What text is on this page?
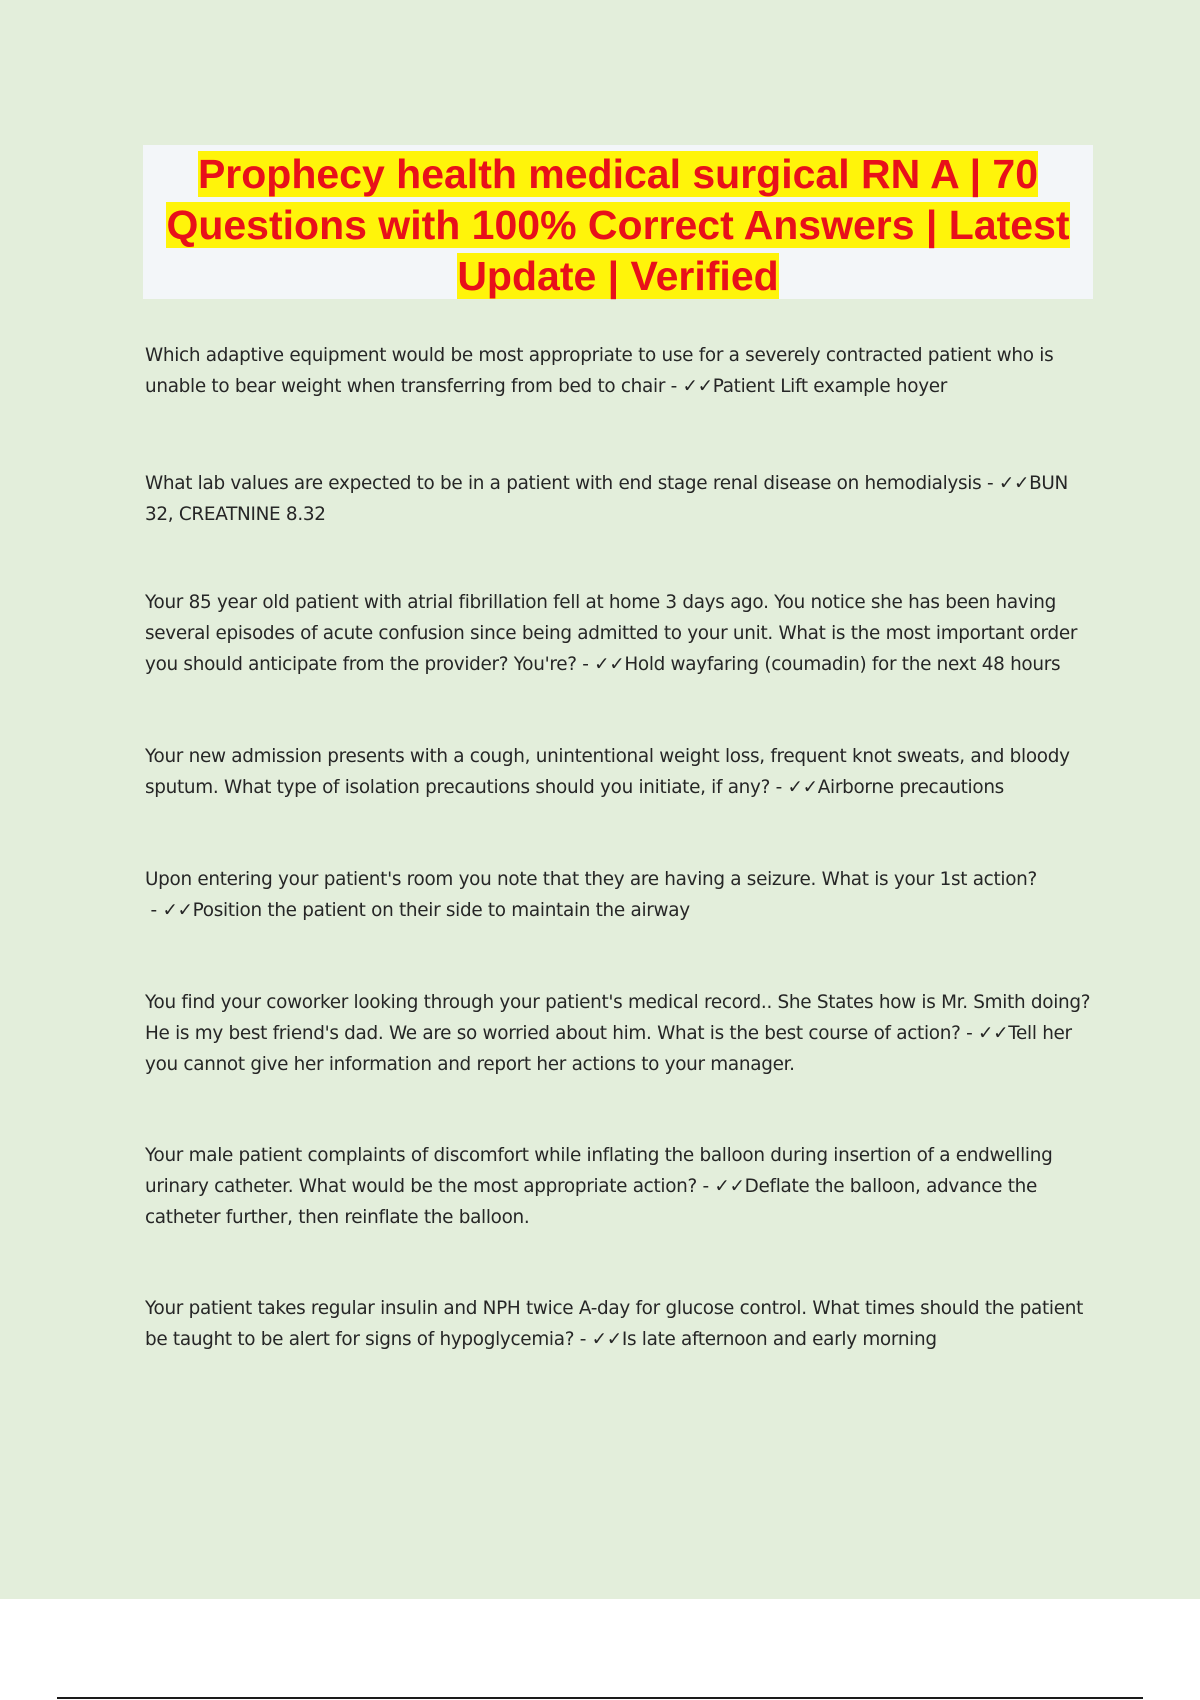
Prophecy health medical surgical RN A | 70 Questions with 100% Correct Answers | Latest Update | Verified

Which adaptive equipment would be most appropriate to use for a severely contracted patient who is unable to bear weight when transferring from bed to chair - ✓✓Patient Lift example hoyer

What lab values are expected to be in a patient with end stage renal disease on hemodialysis - ✓✓BUN 32, CREATNINE 8.32

Your 85 year old patient with atrial fibrillation fell at home 3 days ago. You notice she has been having several episodes of acute confusion since being admitted to your unit. What is the most important order you should anticipate from the provider? You're? - ✓✓Hold wayfaring (coumadin) for the next 48 hours

Your new admission presents with a cough, unintentional weight loss, frequent knot sweats, and bloody sputum. What type of isolation precautions should you initiate, if any? - ✓✓Airborne precautions

Upon entering your patient's room you note that they are having a seizure. What is your 1st action? - ✓✓Position the patient on their side to maintain the airway

You find your coworker looking through your patient's medical record.. She States how is Mr. Smith doing? He is my best friend's dad. We are so worried about him. What is the best course of action? - ✓✓Tell her you cannot give her information and report her actions to your manager.

Your male patient complaints of discomfort while inflating the balloon during insertion of a endwelling urinary catheter. What would be the most appropriate action? - ✓✓Deflate the balloon, advance the catheter further, then reinflate the balloon.

Your patient takes regular insulin and NPH twice A-day for glucose control. What times should the patient be taught to be alert for signs of hypoglycemia? - ✓✓Is late afternoon and early morning
